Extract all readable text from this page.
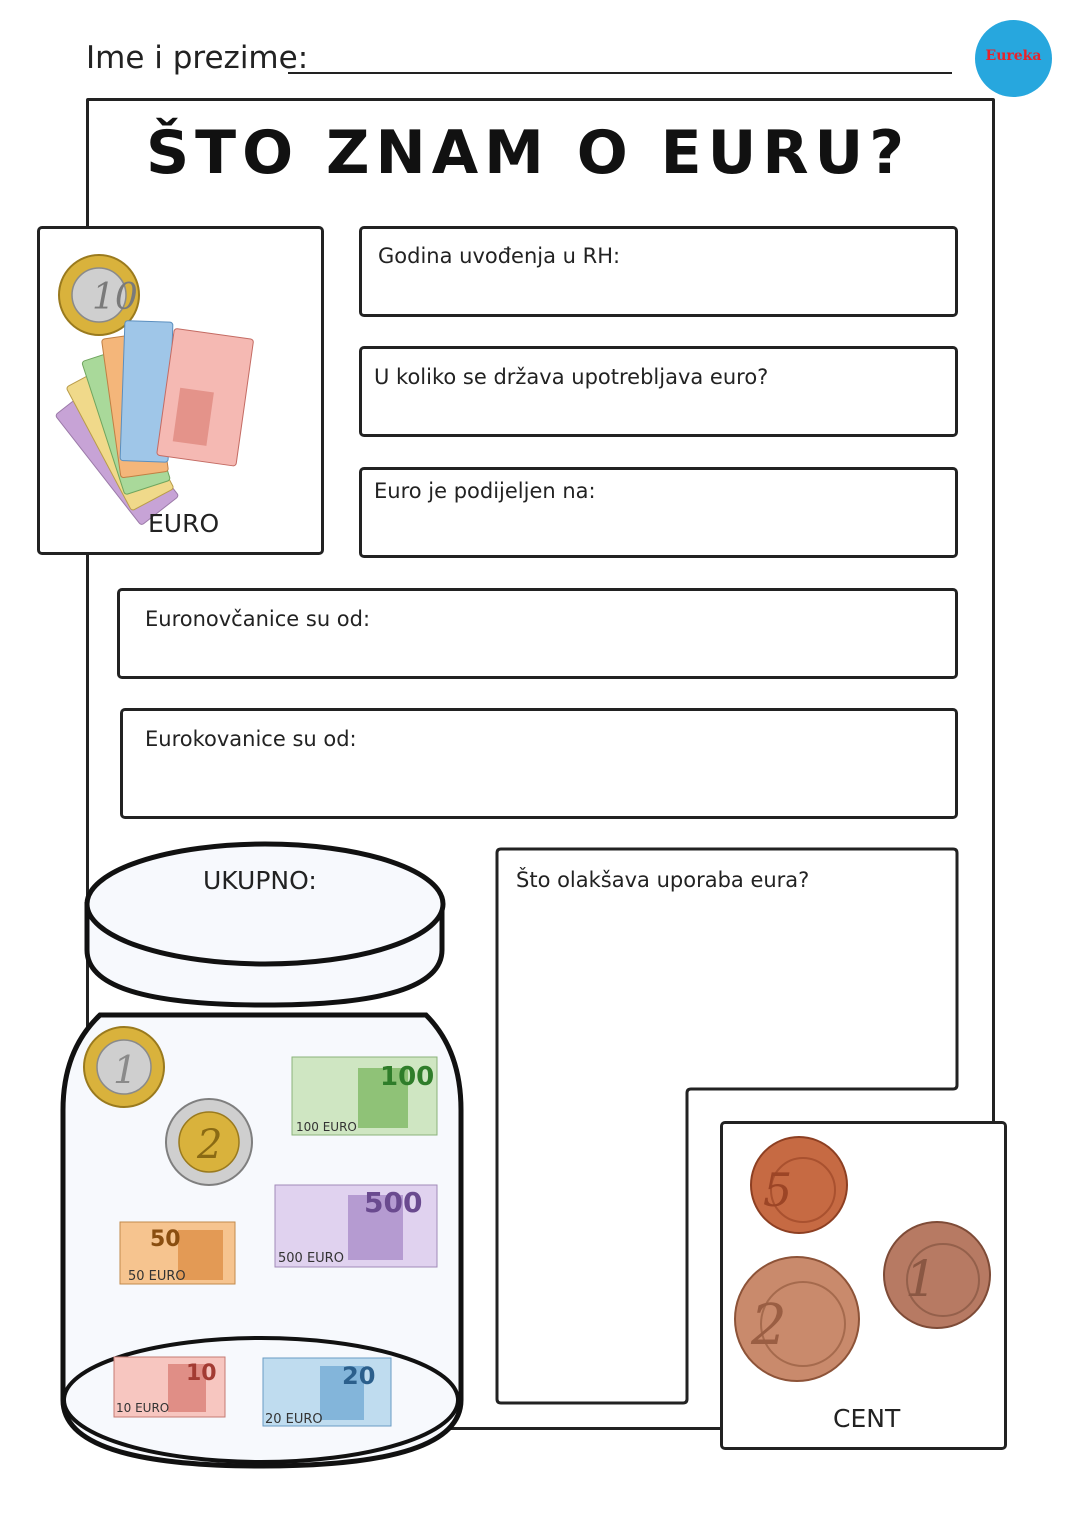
Ime i prezime:	Eureka
ŠTO ZNAM O EURU?
10
EURO
Godina uvođenja u RH:
U koliko se država upotrebljava euro?
Euro je podijeljen na:
Euronovčanice su od:
Eurokovanice su od:
Što olakšava uporaba eura?
1
2
100
100 EURO
500
500 EURO
50
50 EURO
10
10 EURO
20
20 EURO
UKUPNO:
5
2
1
CENT
